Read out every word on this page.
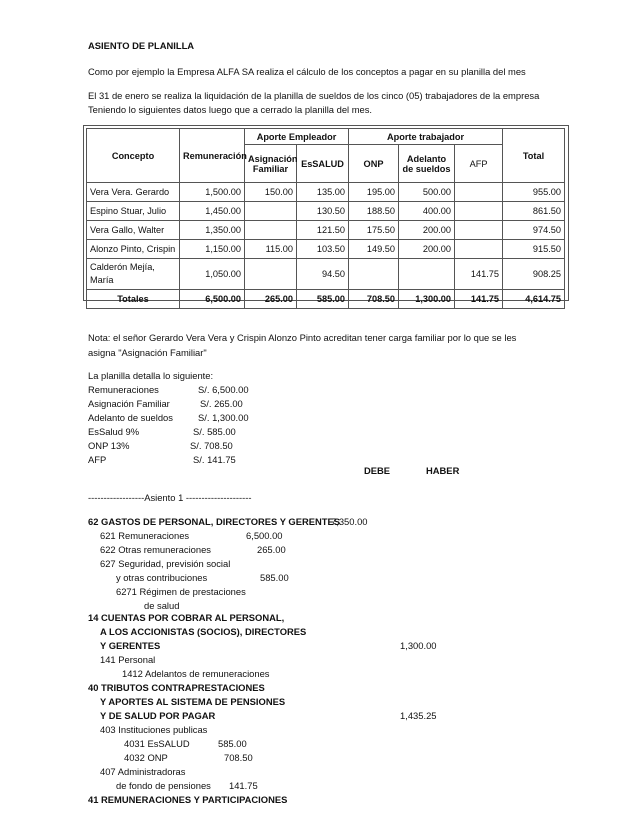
ASIENTO DE PLANILLA
Como por ejemplo la Empresa ALFA SA realiza el cálculo de los conceptos a pagar en su planilla del mes
El 31 de enero se realiza la liquidación de la planilla de sueldos de los cinco (05) trabajadores de la empresa
Teniendo lo siguientes datos luego que a cerrado la planilla del mes.
Concepto	Remuneración	Aporte Empleador		Aporte trabajador			Total
		Asignación Familiar	EsSALUD	ONP	Adelanto de sueldos	AFP	
Vera Vera. Gerardo	1,500.00	150.00	135.00	195.00	500.00		955.00
Espino Stuar, Julio	1,450.00		130.50	188.50	400.00		861.50
Vera Gallo, Walter	1,350.00		121.50	175.50	200.00		974.50
Alonzo Pinto, Crispin	1,150.00	115.00	103.50	149.50	200.00		915.50
Calderón Mejía, María	1,050.00		94.50			141.75	908.25
Totales	6,500.00	265.00	585.00	708.50	1,300.00	141.75	4,614.75
Nota: el señor Gerardo Vera Vera y Crispin Alonzo Pinto acreditan tener carga familiar por lo que se les
asigna "Asignación Familiar"
La planilla detalla lo siguiente:
Remuneraciones	S/. 6,500.00
Asignación Familiar	S/. 265.00
Adelanto de sueldos	S/. 1,300.00
EsSalud 9%	S/. 585.00
ONP 13%	S/. 708.50
AFP	S/. 141.75
DEBE	HABER
------------------Asiento 1 ---------------------
62 GASTOS DE PERSONAL, DIRECTORES Y GERENTES
7,350.00
621 Remuneraciones	6,500.00
622 Otras remuneraciones	265.00
627 Seguridad, previsión social
y otras contribuciones	585.00
6271 Régimen de prestaciones
de salud
14 CUENTAS POR COBRAR AL PERSONAL,
A LOS ACCIONISTAS (SOCIOS), DIRECTORES
Y GERENTES	1,300.00
141 Personal
1412 Adelantos de remuneraciones
40 TRIBUTOS CONTRAPRESTACIONES
Y APORTES AL SISTEMA DE PENSIONES
Y DE SALUD POR PAGAR	1,435.25
403 Instituciones publicas
4031 EsSALUD	585.00
4032 ONP	708.50
407 Administradoras
de fondo de pensiones 141.75
41 REMUNERACIONES Y PARTICIPACIONES
